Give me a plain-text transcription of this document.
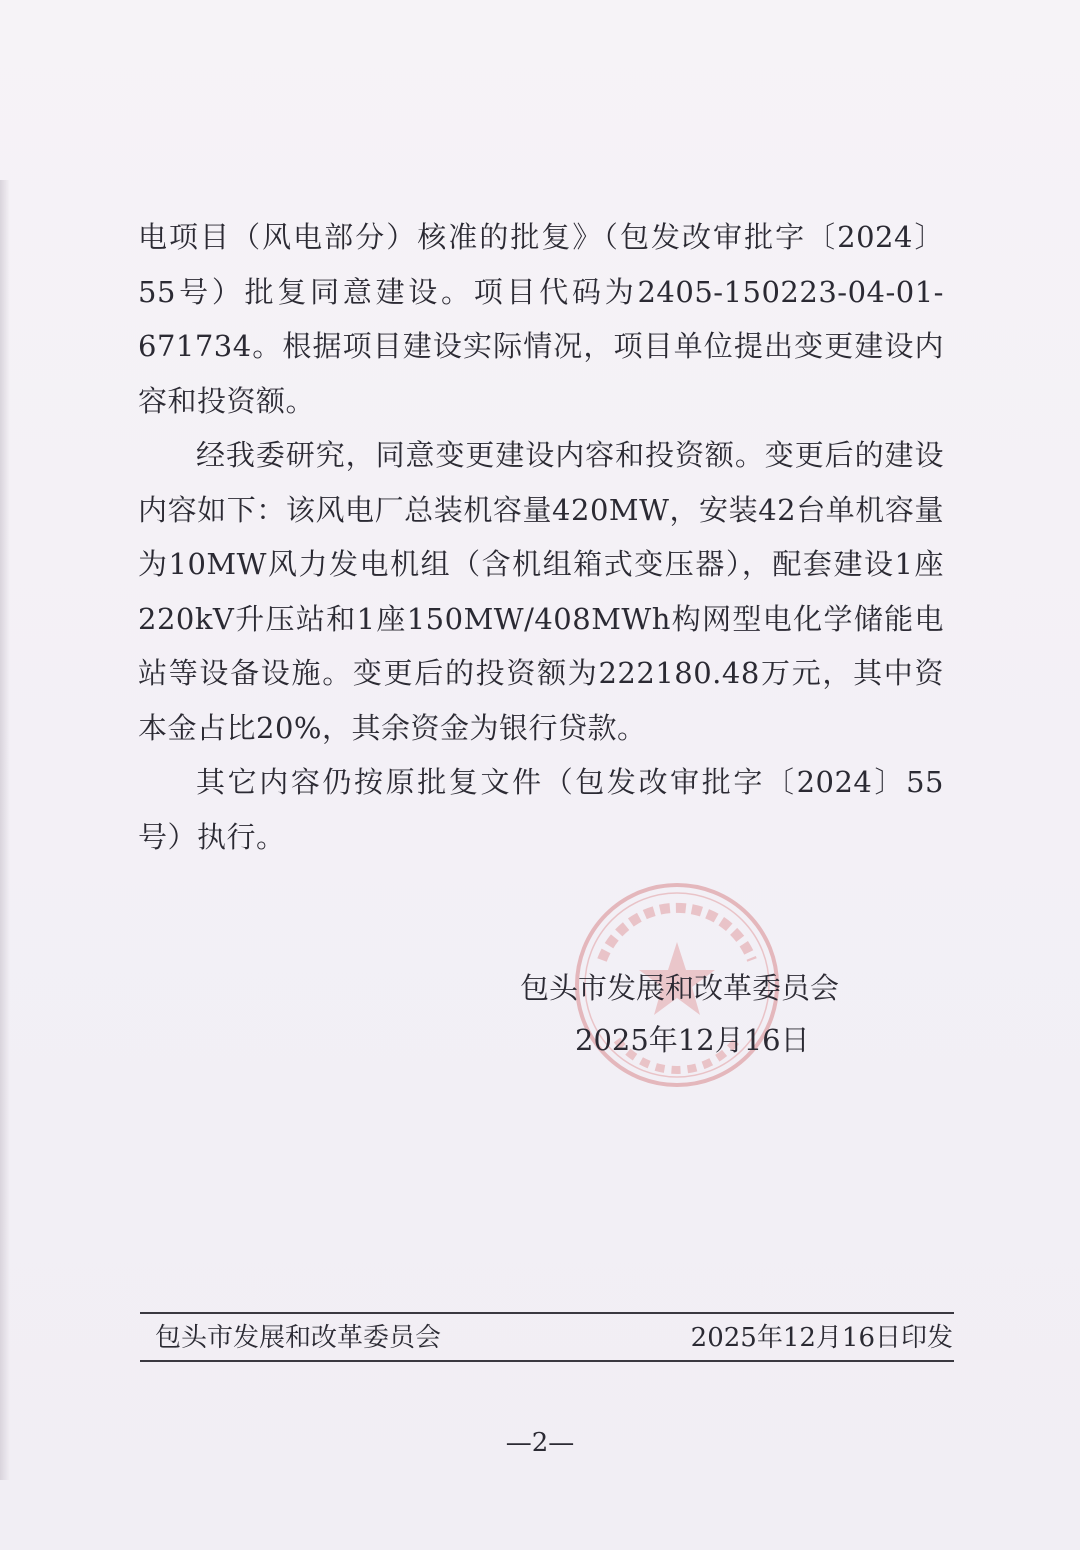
电项目（风电部分）核准的批复》（包发改审批字〔2024〕55号）批复同意建设。项目代码为2405-150223-04-01-671734。根据项目建设实际情况，项目单位提出变更建设内容和投资额。

经我委研究，同意变更建设内容和投资额。变更后的建设内容如下：该风电厂总装机容量420MW，安装42台单机容量为10MW风力发电机组（含机组箱式变压器），配套建设1座220kV升压站和1座150MW/408MWh构网型电化学储能电站等设备设施。变更后的投资额为222180.48万元，其中资本金占比20%，其余资金为银行贷款。

其它内容仍按原批复文件（包发改审批字〔2024〕55号）执行。

包头市发展和改革委员会
2025年12月16日
包头市发展和改革委员会	2025年12月16日印发
—2—
